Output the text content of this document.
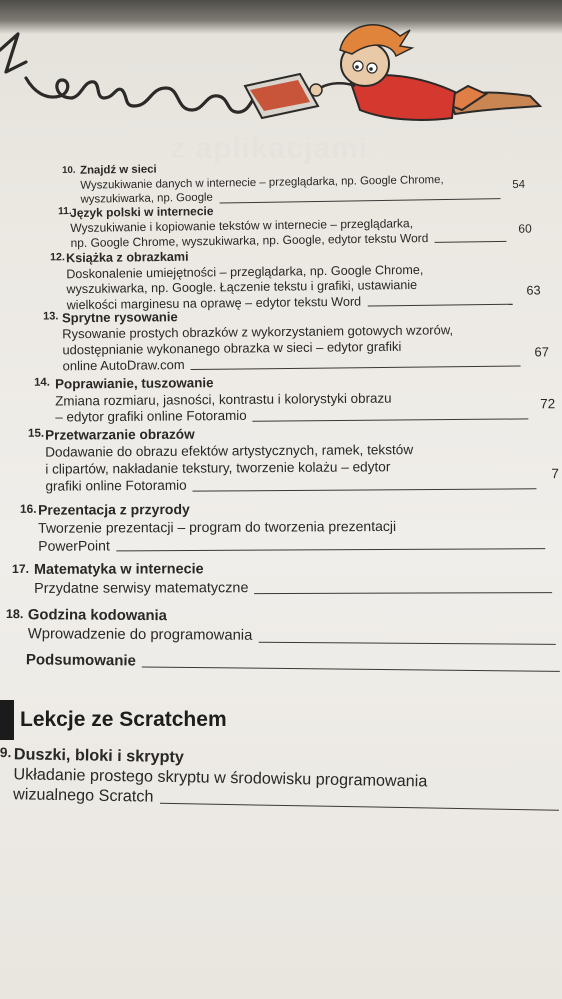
z aplikacjami
10. Znajdź w sieci
Wyszukiwanie danych w internecie – przeglądarka, np. Google Chrome,
wyszukiwarka, np. Google
54
11.
Język polski w internecie
Wyszukiwanie i kopiowanie tekstów w internecie – przeglądarka,
np. Google Chrome, wyszukiwarka, np. Google, edytor tekstu Word
60
12. Książka z obrazkami
Doskonalenie umiejętności – przeglądarka, np. Google Chrome,
wyszukiwarka, np. Google. Łączenie tekstu i grafiki, ustawianie
wielkości marginesu na oprawę – edytor tekstu Word
63
13. Sprytne rysowanie
Rysowanie prostych obrazków z wykorzystaniem gotowych wzorów,
udostępnianie wykonanego obrazka w sieci – edytor grafiki
online AutoDraw.com
67
14. Poprawianie, tuszowanie
Zmiana rozmiaru, jasności, kontrastu i kolorystyki obrazu
– edytor grafiki online Fotoramio
72
15. Przetwarzanie obrazów
Dodawanie do obrazu efektów artystycznych, ramek, tekstów
i clipartów, nakładanie tekstury, tworzenie kolażu – edytor
grafiki online Fotoramio
7
16. Prezentacja z przyrody
Tworzenie prezentacji – program do tworzenia prezentacji
PowerPoint
17. Matematyka w internecie
Przydatne serwisy matematyczne
18. Godzina kodowania
Wprowadzenie do programowania
Podsumowanie
9. Duszki, bloki i skrypty
Układanie prostego skryptu w środowisku programowania
wizualnego Scratch
Lekcje ze Scratchem
